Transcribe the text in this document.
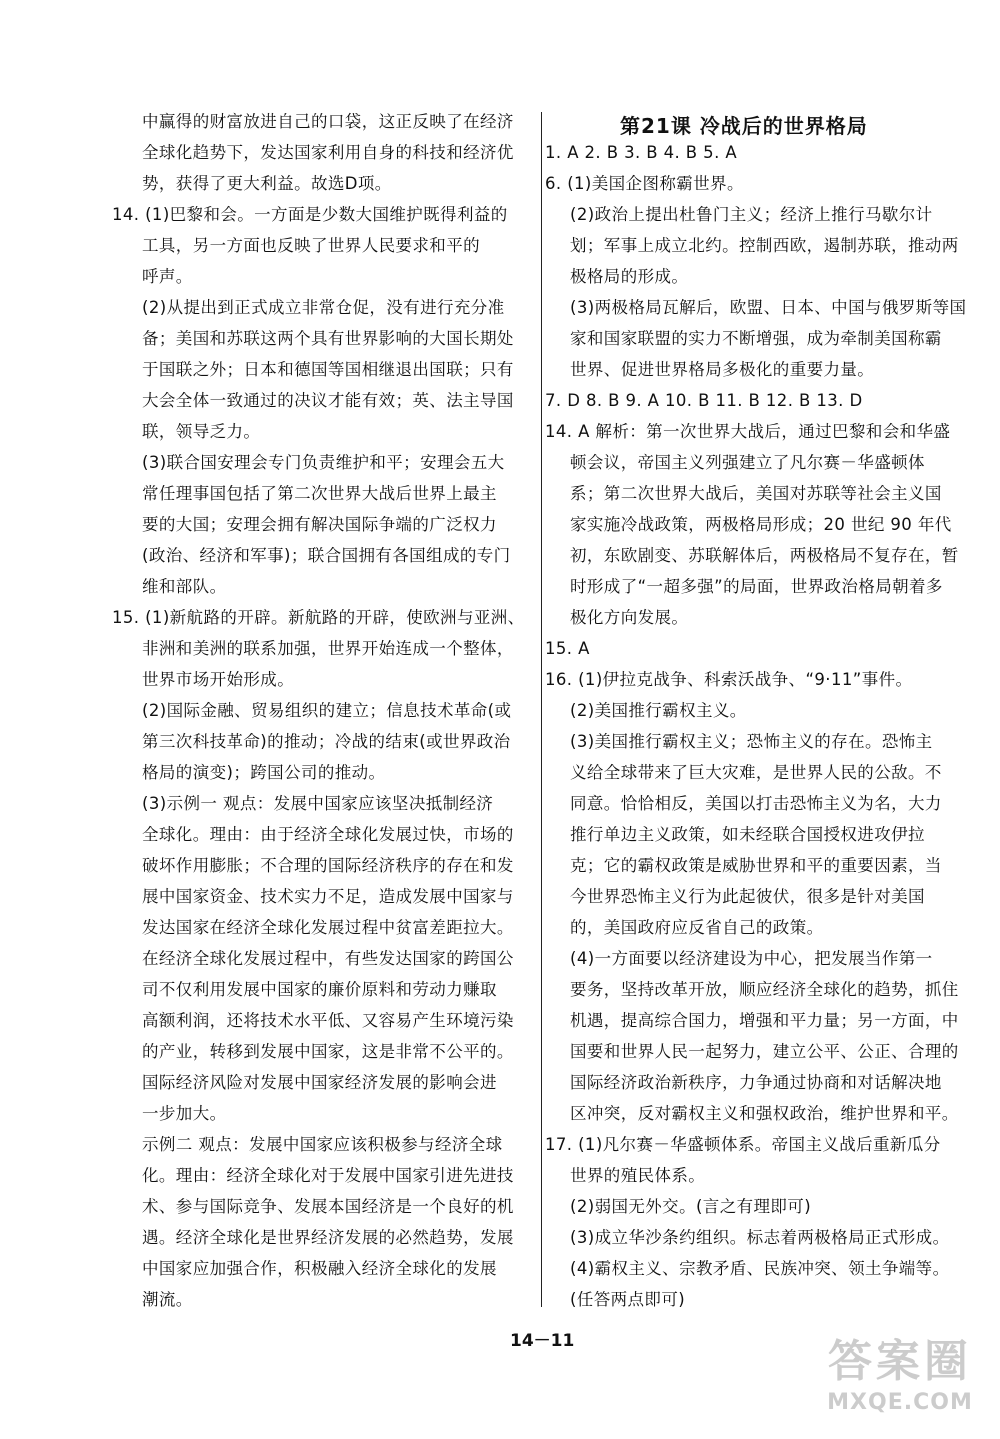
中赢得的财富放进自己的口袋，这正反映了在经济
全球化趋势下，发达国家利用自身的科技和经济优
势，获得了更大利益。故选D项。
14. (1)巴黎和会。一方面是少数大国维护既得利益的
工具，另一方面也反映了世界人民要求和平的
呼声。
(2)从提出到正式成立非常仓促，没有进行充分准
备；美国和苏联这两个具有世界影响的大国长期处
于国联之外；日本和德国等国相继退出国联；只有
大会全体一致通过的决议才能有效；英、法主导国
联，领导乏力。
(3)联合国安理会专门负责维护和平；安理会五大
常任理事国包括了第二次世界大战后世界上最主
要的大国；安理会拥有解决国际争端的广泛权力
(政治、经济和军事)；联合国拥有各国组成的专门
维和部队。
15. (1)新航路的开辟。新航路的开辟，使欧洲与亚洲、
非洲和美洲的联系加强，世界开始连成一个整体，
世界市场开始形成。
(2)国际金融、贸易组织的建立；信息技术革命(或
第三次科技革命)的推动；冷战的结束(或世界政治
格局的演变)；跨国公司的推动。
(3)示例一 观点：发展中国家应该坚决抵制经济
全球化。理由：由于经济全球化发展过快，市场的
破坏作用膨胀；不合理的国际经济秩序的存在和发
展中国家资金、技术实力不足，造成发展中国家与
发达国家在经济全球化发展过程中贫富差距拉大。
在经济全球化发展过程中，有些发达国家的跨国公
司不仅利用发展中国家的廉价原料和劳动力赚取
高额利润，还将技术水平低、又容易产生环境污染
的产业，转移到发展中国家，这是非常不公平的。
国际经济风险对发展中国家经济发展的影响会进
一步加大。
示例二 观点：发展中国家应该积极参与经济全球
化。理由：经济全球化对于发展中国家引进先进技
术、参与国际竞争、发展本国经济是一个良好的机
遇。经济全球化是世界经济发展的必然趋势，发展
中国家应加强合作，积极融入经济全球化的发展
潮流。
第21课 冷战后的世界格局
1. A 2. B 3. B 4. B 5. A
6. (1)美国企图称霸世界。
(2)政治上提出杜鲁门主义；经济上推行马歇尔计
划；军事上成立北约。控制西欧，遏制苏联，推动两
极格局的形成。
(3)两极格局瓦解后，欧盟、日本、中国与俄罗斯等国
家和国家联盟的实力不断增强，成为牵制美国称霸
世界、促进世界格局多极化的重要力量。
7. D 8. B 9. A 10. B 11. B 12. B 13. D
14. A 解析：第一次世界大战后，通过巴黎和会和华盛
顿会议，帝国主义列强建立了凡尔赛－华盛顿体
系；第二次世界大战后，美国对苏联等社会主义国
家实施冷战政策，两极格局形成；20 世纪 90 年代
初，东欧剧变、苏联解体后，两极格局不复存在，暂
时形成了“一超多强”的局面，世界政治格局朝着多
极化方向发展。
15. A
16. (1)伊拉克战争、科索沃战争、“9·11”事件。
(2)美国推行霸权主义。
(3)美国推行霸权主义；恐怖主义的存在。恐怖主
义给全球带来了巨大灾难，是世界人民的公敌。不
同意。恰恰相反，美国以打击恐怖主义为名，大力
推行单边主义政策，如未经联合国授权进攻伊拉
克；它的霸权政策是威胁世界和平的重要因素，当
今世界恐怖主义行为此起彼伏，很多是针对美国
的，美国政府应反省自己的政策。
(4)一方面要以经济建设为中心，把发展当作第一
要务，坚持改革开放，顺应经济全球化的趋势，抓住
机遇，提高综合国力，增强和平力量；另一方面，中
国要和世界人民一起努力，建立公平、公正、合理的
国际经济政治新秩序，力争通过协商和对话解决地
区冲突，反对霸权主义和强权政治，维护世界和平。
17. (1)凡尔赛－华盛顿体系。帝国主义战后重新瓜分
世界的殖民体系。
(2)弱国无外交。(言之有理即可)
(3)成立华沙条约组织。标志着两极格局正式形成。
(4)霸权主义、宗教矛盾、民族冲突、领土争端等。
(任答两点即可)
14－11	答案圈
MXQE.COM
